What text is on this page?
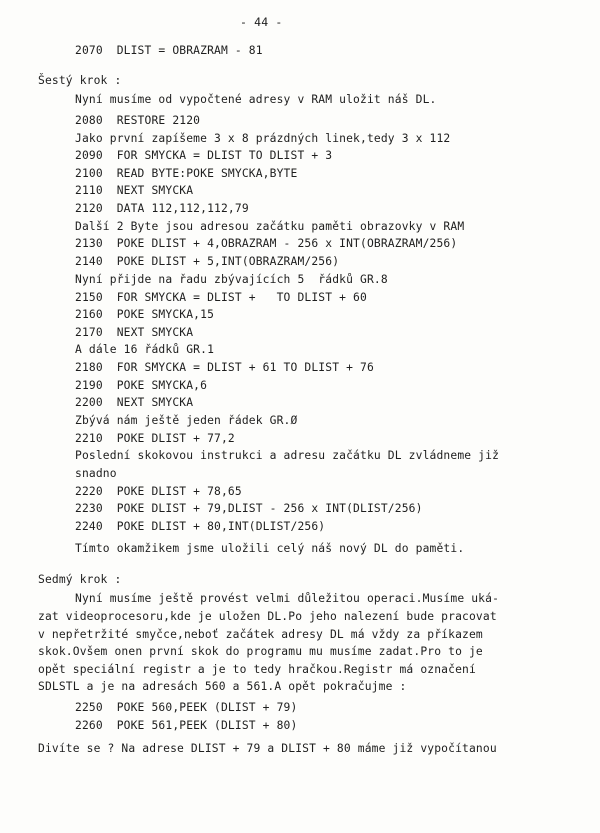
- 44 -
2070  DLIST = OBRAZRAM - 81
Šestý krok :
Nyní musíme od vypočtené adresy v RAM uložit náš DL.
2080  RESTORE 2120
Jako první zapíšeme 3 x 8 prázdných linek,tedy 3 x 112
2090  FOR SMYCKA = DLIST TO DLIST + 3
2100  READ BYTE:POKE SMYCKA,BYTE
2110  NEXT SMYCKA
2120  DATA 112,112,112,79
Další 2 Byte jsou adresou začátku paměti obrazovky v RAM
2130  POKE DLIST + 4,OBRAZRAM - 256 x INT(OBRAZRAM/256)
2140  POKE DLIST + 5,INT(OBRAZRAM/256)
Nyní přijde na řadu zbývajících 5  řádků GR.8
2150  FOR SMYCKA = DLIST +   TO DLIST + 60
2160  POKE SMYCKA,15
2170  NEXT SMYCKA
A dále 16 řádků GR.1
2180  FOR SMYCKA = DLIST + 61 TO DLIST + 76
2190  POKE SMYCKA,6
2200  NEXT SMYCKA
Zbývá nám ještě jeden řádek GR.Ø
2210  POKE DLIST + 77,2
Poslední skokovou instrukci a adresu začátku DL zvládneme již
snadno
2220  POKE DLIST + 78,65
2230  POKE DLIST + 79,DLIST - 256 x INT(DLIST/256)
2240  POKE DLIST + 80,INT(DLIST/256)
Tímto okamžikem jsme uložili celý náš nový DL do paměti.
Sedmý krok :
Nyní musíme ještě provést velmi důležitou operaci.Musíme uká-
zat videoprocesoru,kde je uložen DL.Po jeho nalezení bude pracovat
v nepřetržité smyčce,neboť začátek adresy DL má vždy za příkazem
skok.Ovšem onen první skok do programu mu musíme zadat.Pro to je
opět speciální registr a je to tedy hračkou.Registr má označení
SDLSTL a je na adresách 560 a 561.A opět pokračujme :
2250  POKE 560,PEEK (DLIST + 79)
2260  POKE 561,PEEK (DLIST + 80)
Divíte se ? Na adrese DLIST + 79 a DLIST + 80 máme již vypočítanou
